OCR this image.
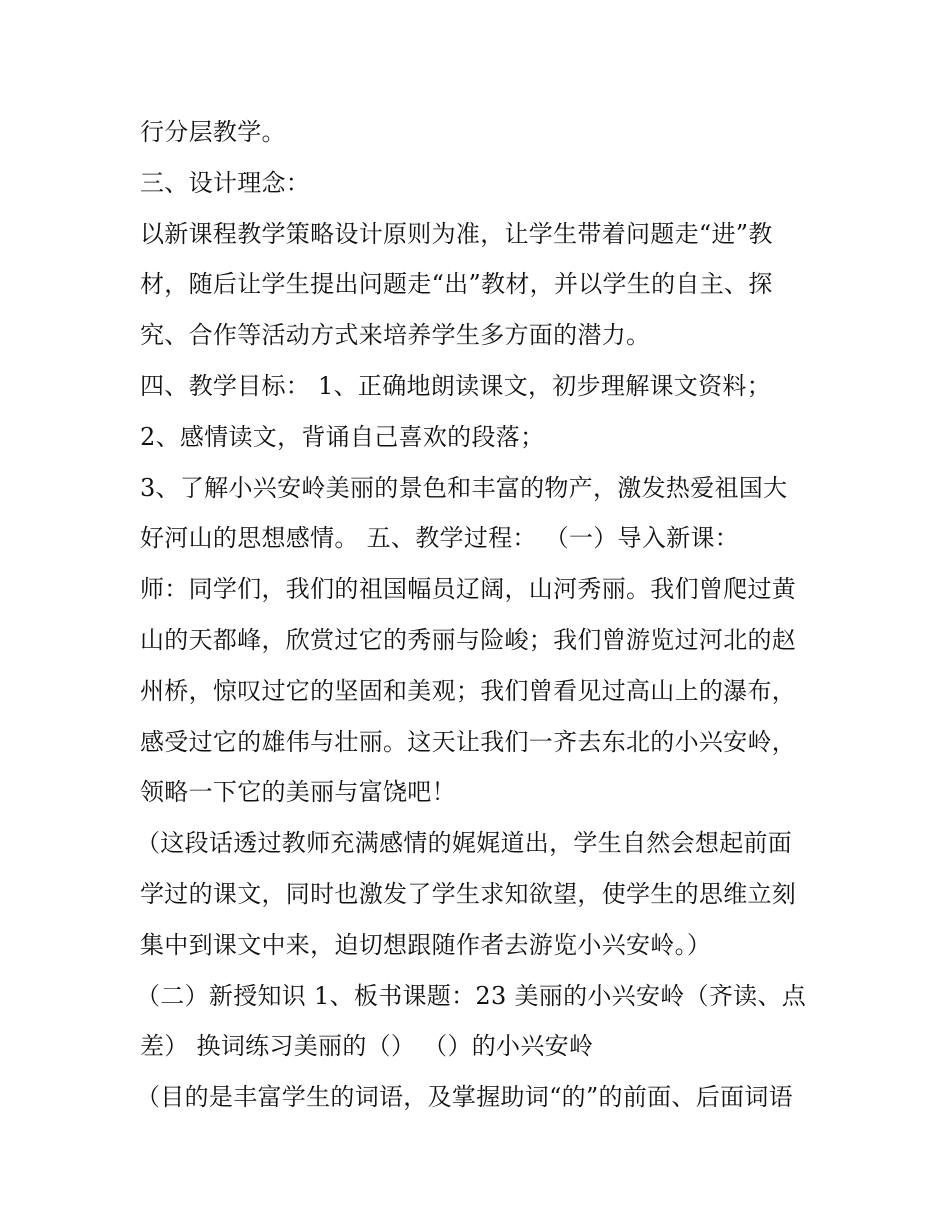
行分层教学。
三、设计理念：
以新课程教学策略设计原则为准，让学生带着问题走“进”教
材，随后让学生提出问题走“出”教材，并以学生的自主、探
究、合作等活动方式来培养学生多方面的潜力。
四、教学目标： 1、正确地朗读课文，初步理解课文资料；
2、感情读文，背诵自己喜欢的段落；
3、了解小兴安岭美丽的景色和丰富的物产，激发热爱祖国大
好河山的思想感情。 五、教学过程： （一）导入新课：
师：同学们，我们的祖国幅员辽阔，山河秀丽。我们曾爬过黄
山的天都峰，欣赏过它的秀丽与险峻；我们曾游览过河北的赵
州桥，惊叹过它的坚固和美观；我们曾看见过高山上的瀑布，
感受过它的雄伟与壮丽。这天让我们一齐去东北的小兴安岭，
领略一下它的美丽与富饶吧！
（这段话透过教师充满感情的娓娓道出，学生自然会想起前面
学过的课文，同时也激发了学生求知欲望，使学生的思维立刻
集中到课文中来，迫切想跟随作者去游览小兴安岭。）
（二）新授知识 1、板书课题：23 美丽的小兴安岭（齐读、点
差） 换词练习美丽的（） （）的小兴安岭
（目的是丰富学生的词语，及掌握助词“的”的前面、后面词语
